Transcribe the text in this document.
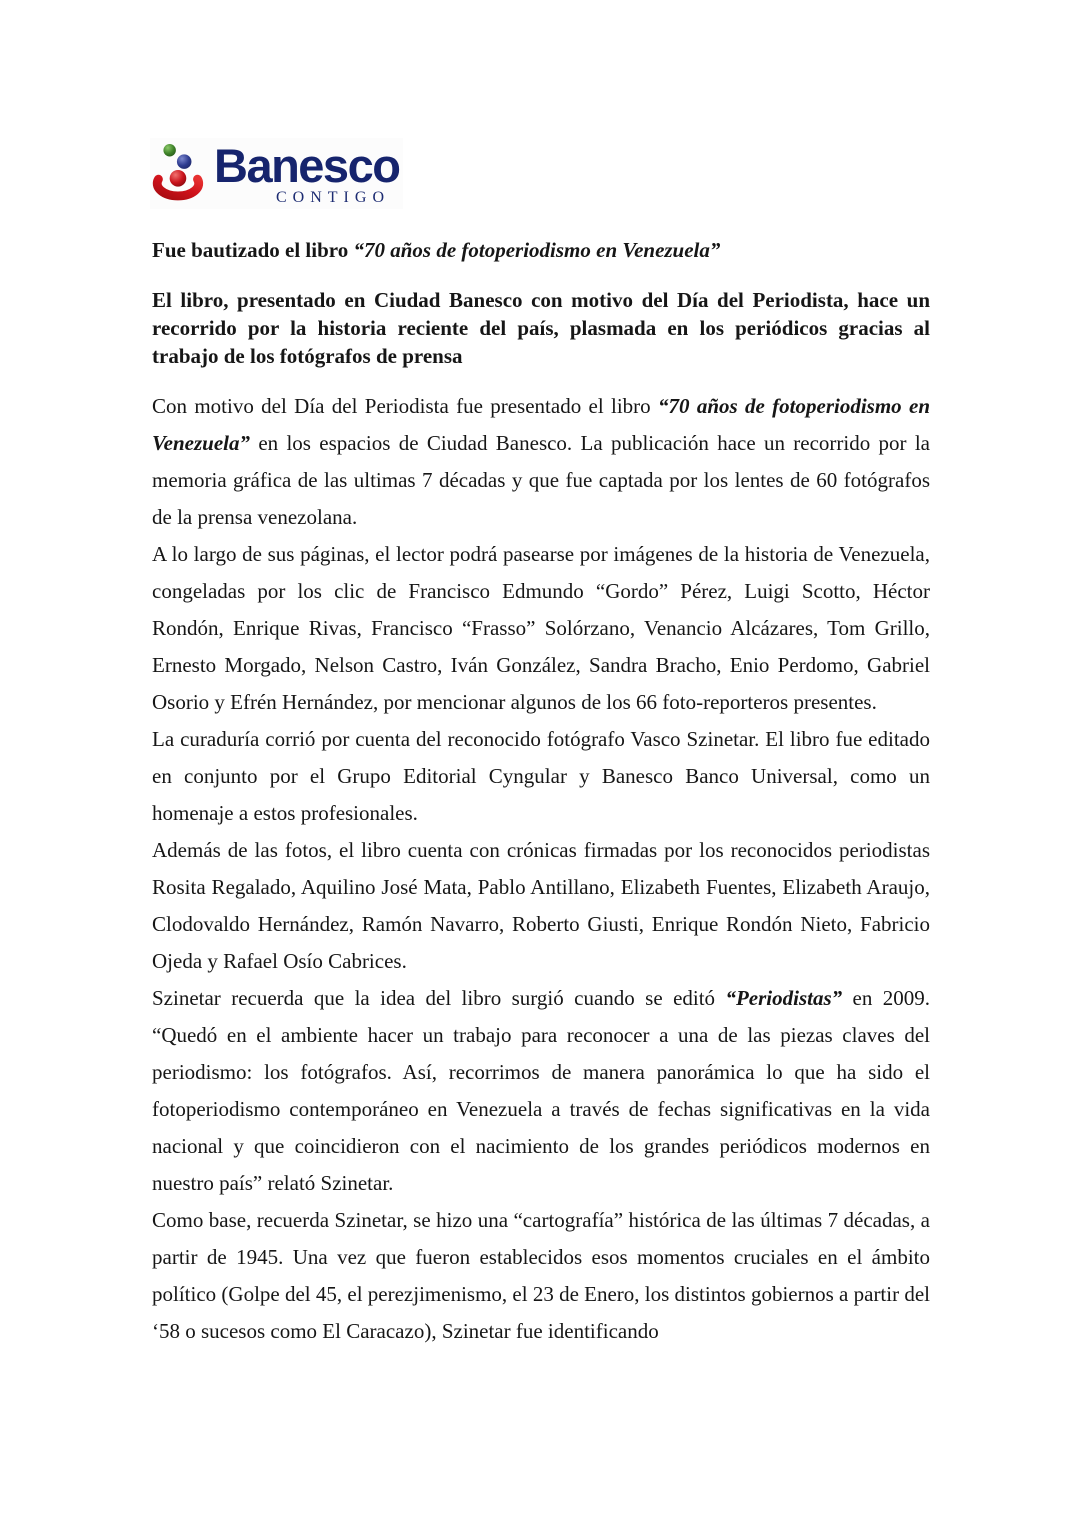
Banesco
CONTIGO
Fue bautizado el libro “70 años de fotoperiodismo en Venezuela”
El libro, presentado en Ciudad Banesco con motivo del Día del Periodista, hace un recorrido por la historia reciente del país, plasmada en los periódicos gracias al trabajo de los fotógrafos de prensa

Con motivo del Día del Periodista fue presentado el libro “70 años de fotoperiodismo en Venezuela” en los espacios de Ciudad Banesco. La publicación hace un recorrido por la memoria gráfica de las ultimas 7 décadas y que fue captada por los lentes de 60 fotógrafos de la prensa venezolana.

A lo largo de sus páginas, el lector podrá pasearse por imágenes de la historia de Venezuela, congeladas por los clic de Francisco Edmundo “Gordo” Pérez, Luigi Scotto, Héctor Rondón, Enrique Rivas, Francisco “Frasso” Solórzano, Venancio Alcázares, Tom Grillo, Ernesto Morgado, Nelson Castro, Iván González, Sandra Bracho, Enio Perdomo, Gabriel Osorio y Efrén Hernández, por mencionar algunos de los 66 foto-reporteros presentes.

La curaduría corrió por cuenta del reconocido fotógrafo Vasco Szinetar. El libro fue editado en conjunto por el Grupo Editorial Cyngular y Banesco Banco Universal, como un homenaje a estos profesionales.

Además de las fotos, el libro cuenta con crónicas firmadas por los reconocidos periodistas Rosita Regalado, Aquilino José Mata, Pablo Antillano, Elizabeth Fuentes, Elizabeth Araujo, Clodovaldo Hernández, Ramón Navarro, Roberto Giusti, Enrique Rondón Nieto, Fabricio Ojeda y Rafael Osío Cabrices.

Szinetar recuerda que la idea del libro surgió cuando se editó “Periodistas” en 2009. “Quedó en el ambiente hacer un trabajo para reconocer a una de las piezas claves del periodismo: los fotógrafos. Así, recorrimos de manera panorámica lo que ha sido el fotoperiodismo contemporáneo en Venezuela a través de fechas significativas en la vida nacional y que coincidieron con el nacimiento de los grandes periódicos modernos en nuestro país” relató Szinetar.

Como base, recuerda Szinetar, se hizo una “cartografía” histórica de las últimas 7 décadas, a partir de 1945. Una vez que fueron establecidos esos momentos cruciales en el ámbito político (Golpe del 45, el perezjimenismo, el 23 de Enero, los distintos gobiernos a partir del ‘58 o sucesos como El Caracazo), Szinetar fue identificando
